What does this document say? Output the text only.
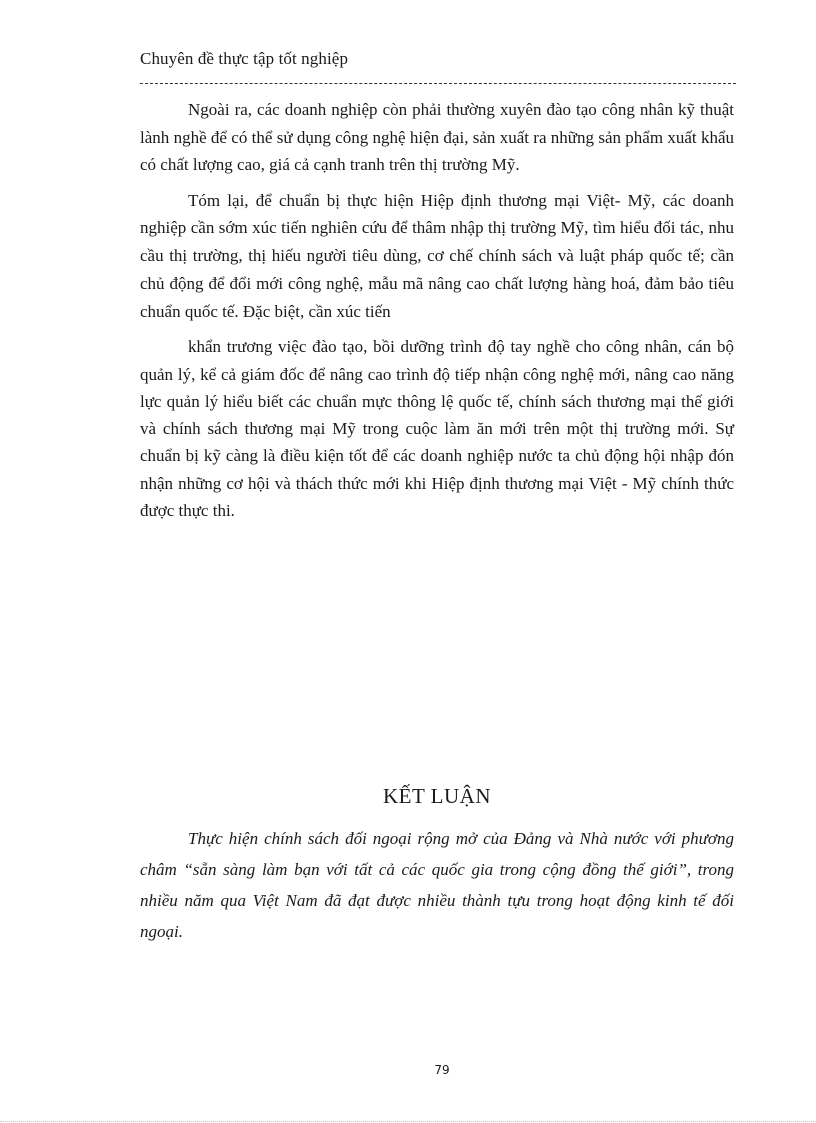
Chuyên đề thực tập tốt nghiệp

Ngoài ra, các doanh nghiệp còn phải thường xuyên đào tạo công nhân kỹ thuật lành nghề để có thể sử dụng công nghệ hiện đại, sản xuất ra những sản phẩm xuất khẩu có chất lượng cao, giá cả cạnh tranh trên thị trường Mỹ.

Tóm lại, để chuẩn bị thực hiện Hiệp định thương mại Việt- Mỹ, các doanh nghiệp cần sớm xúc tiến nghiên cứu để thâm nhập thị trường Mỹ, tìm hiểu đối tác, nhu cầu thị trường, thị hiếu người tiêu dùng, cơ chế chính sách và luật pháp quốc tế; cần chủ động để đổi mới công nghệ, mẫu mã nâng cao chất lượng hàng hoá, đảm bảo tiêu chuẩn quốc tế. Đặc biệt, cần xúc tiến

khẩn trương việc đào tạo, bồi dưỡng trình độ tay nghề cho công nhân, cán bộ quản lý, kể cả giám đốc để nâng cao trình độ tiếp nhận công nghệ mới, nâng cao năng lực quản lý hiểu biết các chuẩn mực thông lệ quốc tế, chính sách thương mại thế giới và chính sách thương mại Mỹ trong cuộc làm ăn mới trên một thị trường mới. Sự chuẩn bị kỹ càng là điều kiện tốt để các doanh nghiệp nước ta chủ động hội nhập đón nhận những cơ hội và thách thức mới khi Hiệp định thương mại Việt - Mỹ chính thức được thực thi.

KẾT LUẬN

Thực hiện chính sách đối ngoại rộng mở của Đảng và Nhà nước với phương châm “sẵn sàng làm bạn với tất cả các quốc gia trong cộng đồng thế giới”, trong nhiều năm qua Việt Nam đã đạt được nhiều thành tựu trong hoạt động kinh tế đối ngoại.

79
